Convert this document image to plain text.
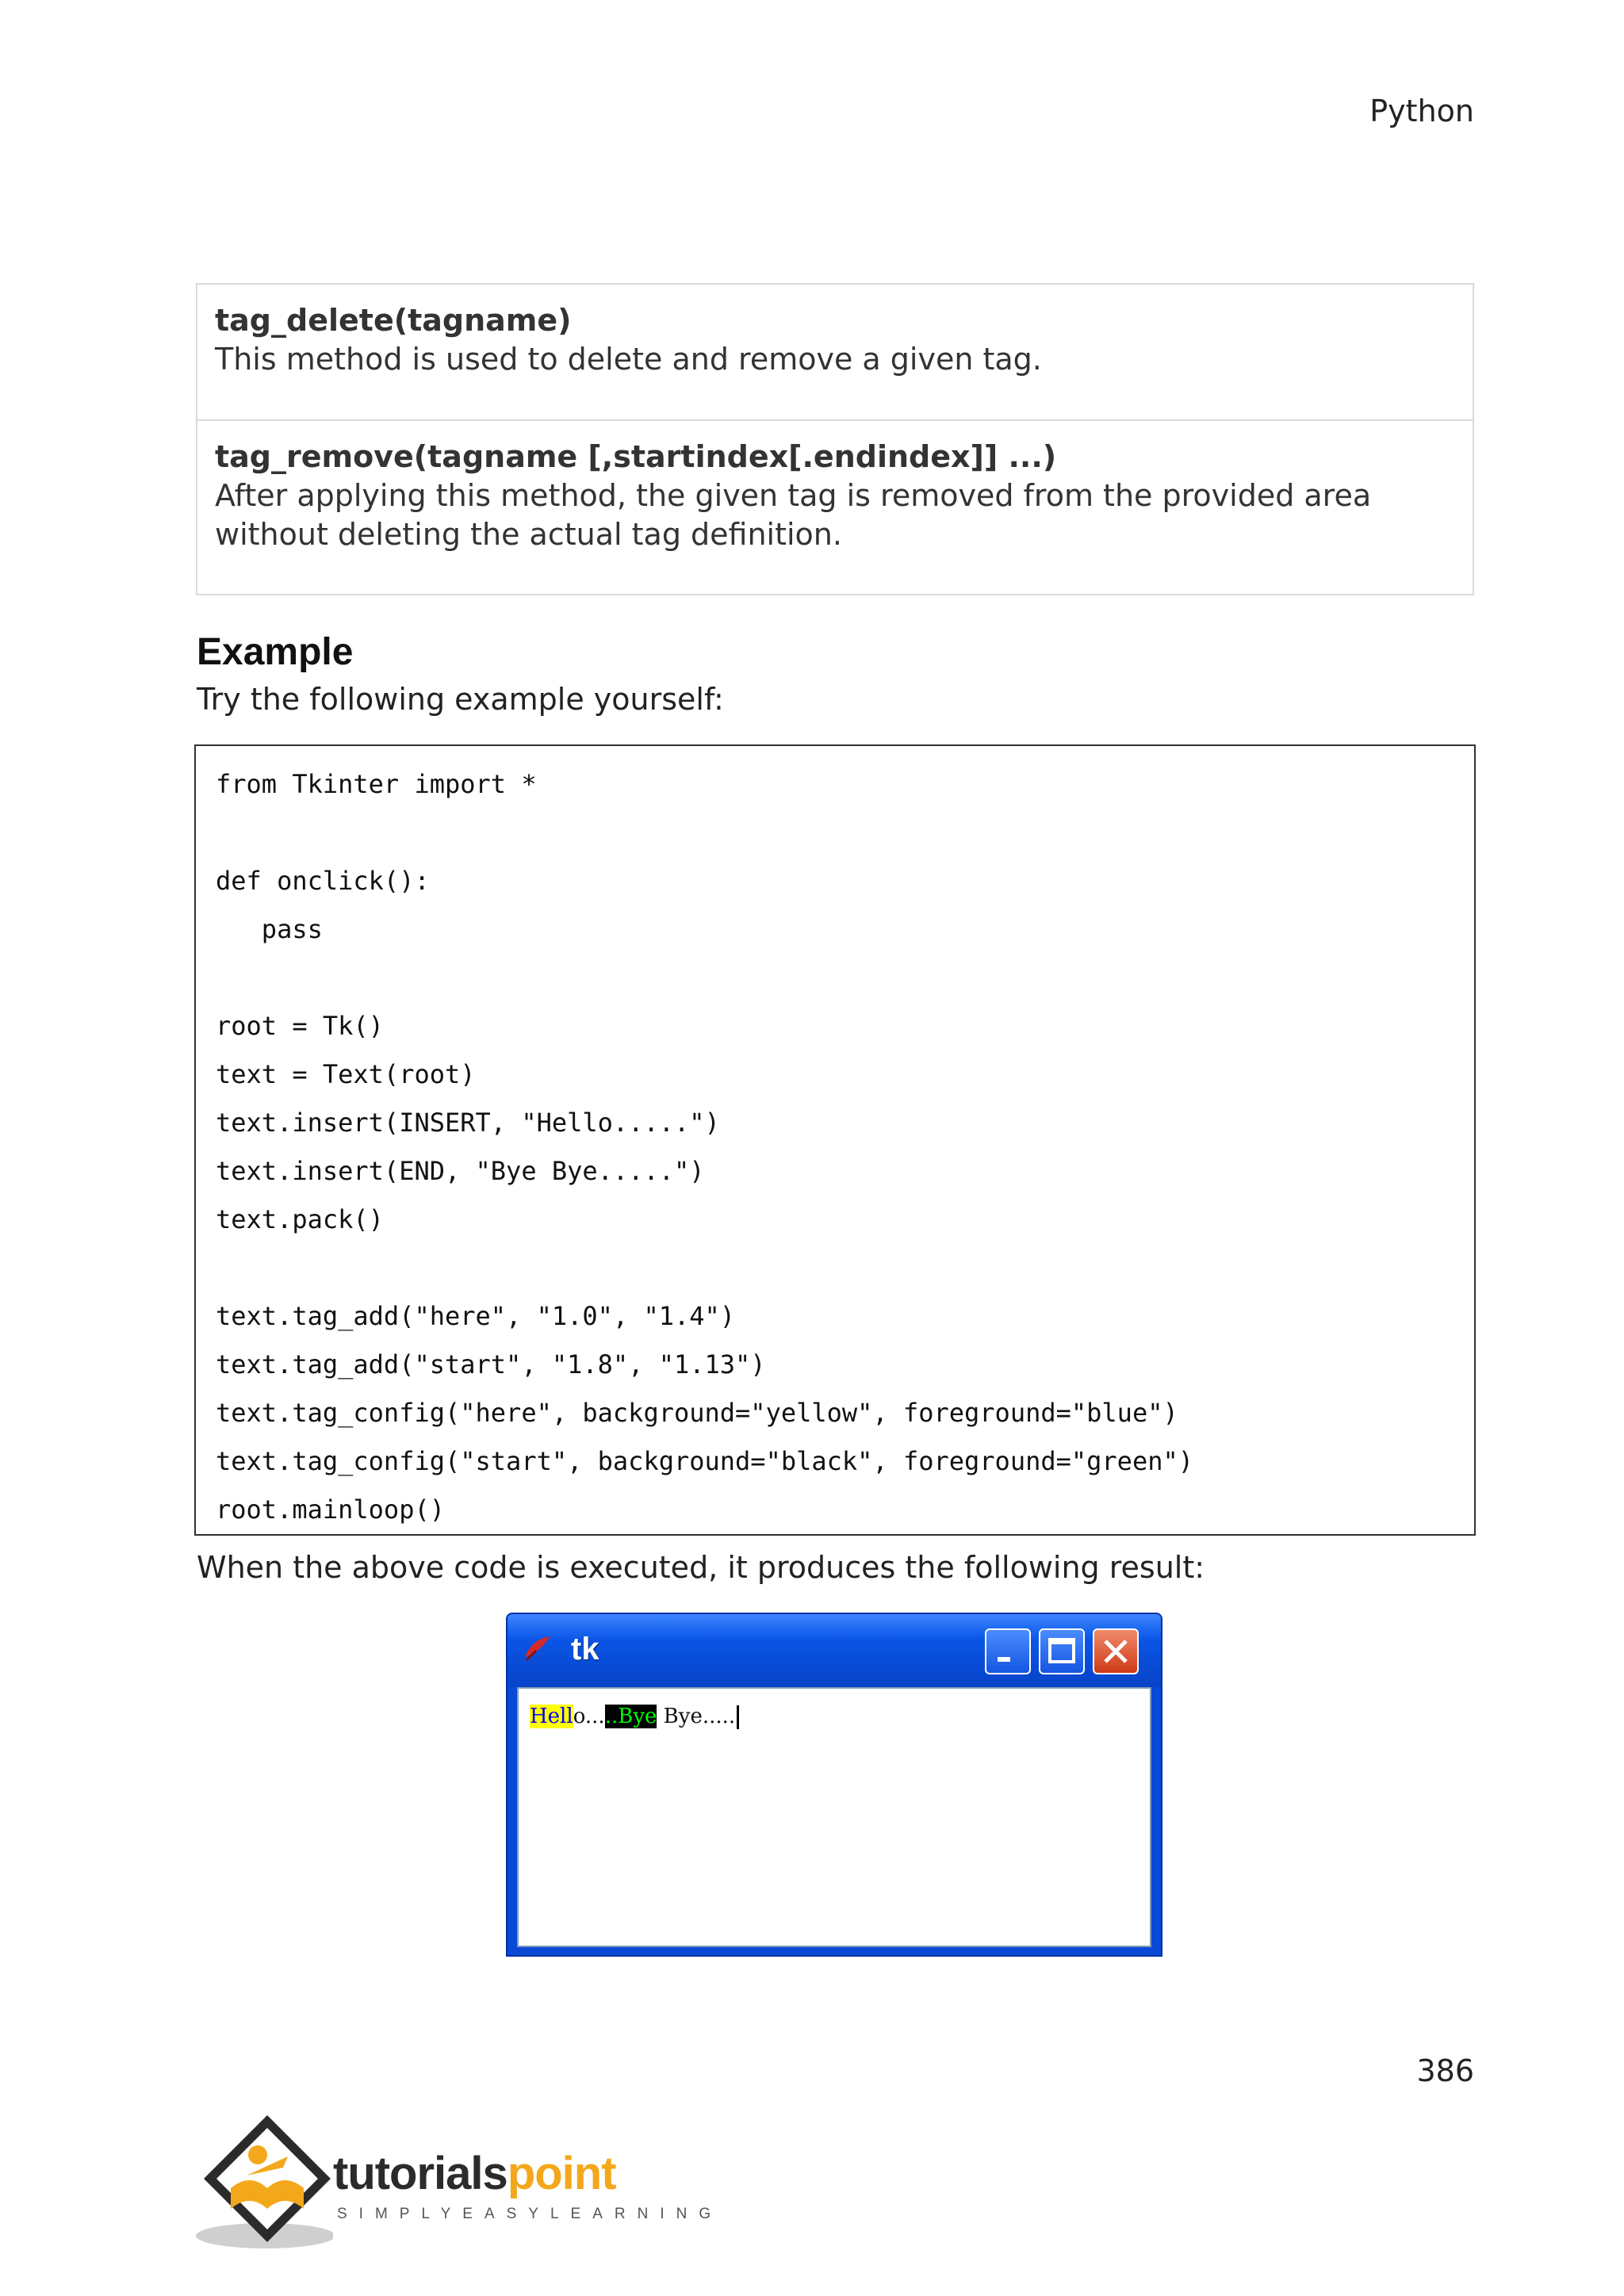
Python
tag_delete(tagname)
This method is used to delete and remove a given tag.
tag_remove(tagname [,startindex[.endindex]] ...)
After applying this method, the given tag is removed from the provided area
without deleting the actual tag definition.
Example
Try the following example yourself:
from Tkinter import *
def onclick():
pass
root = Tk()
text = Text(root)
text.insert(INSERT, "Hello.....")
text.insert(END, "Bye Bye.....")
text.pack()
text.tag_add("here", "1.0", "1.4")
text.tag_add("start", "1.8", "1.13")
text.tag_config("here", background="yellow", foreground="blue")
text.tag_config("start", background="black", foreground="green")
root.mainloop()
When the above code is executed, it produces the following result:
tk
Hello.....Bye Bye.....
386
tutorialspoint
SIMPLYEASYLEARNING
